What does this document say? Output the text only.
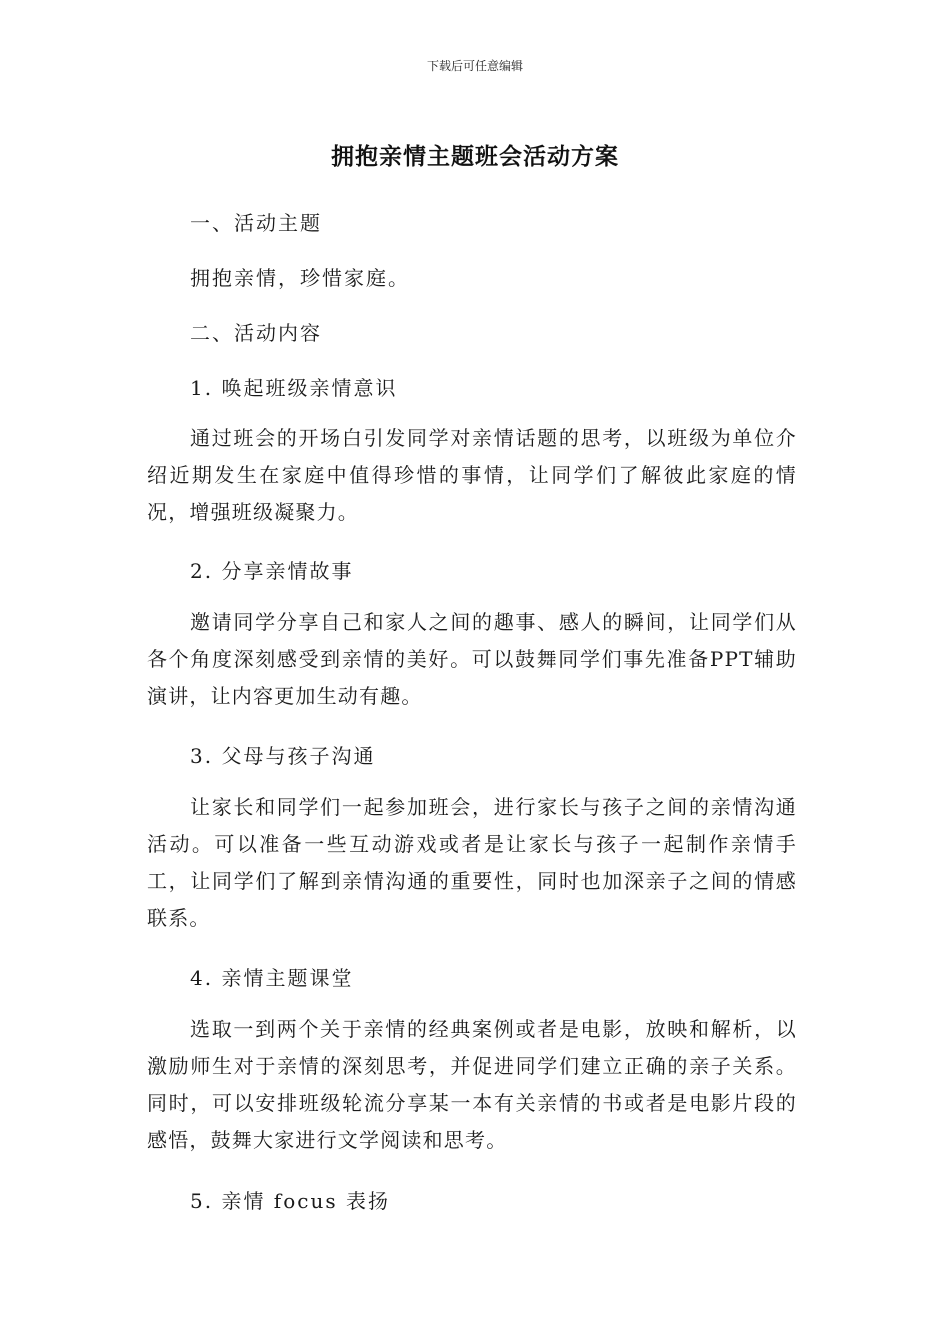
下载后可任意编辑
拥抱亲情主题班会活动方案
一、活动主题
拥抱亲情，珍惜家庭。
二、活动内容
1. 唤起班级亲情意识

通过班会的开场白引发同学对亲情话题的思考，以班级为单位介绍近期发生在家庭中值得珍惜的事情，让同学们了解彼此家庭的情况，增强班级凝聚力。

2. 分享亲情故事

邀请同学分享自己和家人之间的趣事、感人的瞬间，让同学们从各个角度深刻感受到亲情的美好。可以鼓舞同学们事先准备PPT辅助演讲，让内容更加生动有趣。

3. 父母与孩子沟通

让家长和同学们一起参加班会，进行家长与孩子之间的亲情沟通活动。可以准备一些互动游戏或者是让家长与孩子一起制作亲情手工，让同学们了解到亲情沟通的重要性，同时也加深亲子之间的情感联系。

4. 亲情主题课堂

选取一到两个关于亲情的经典案例或者是电影，放映和解析，以激励师生对于亲情的深刻思考，并促进同学们建立正确的亲子关系。同时，可以安排班级轮流分享某一本有关亲情的书或者是电影片段的感悟，鼓舞大家进行文学阅读和思考。

5. 亲情 focus 表扬
